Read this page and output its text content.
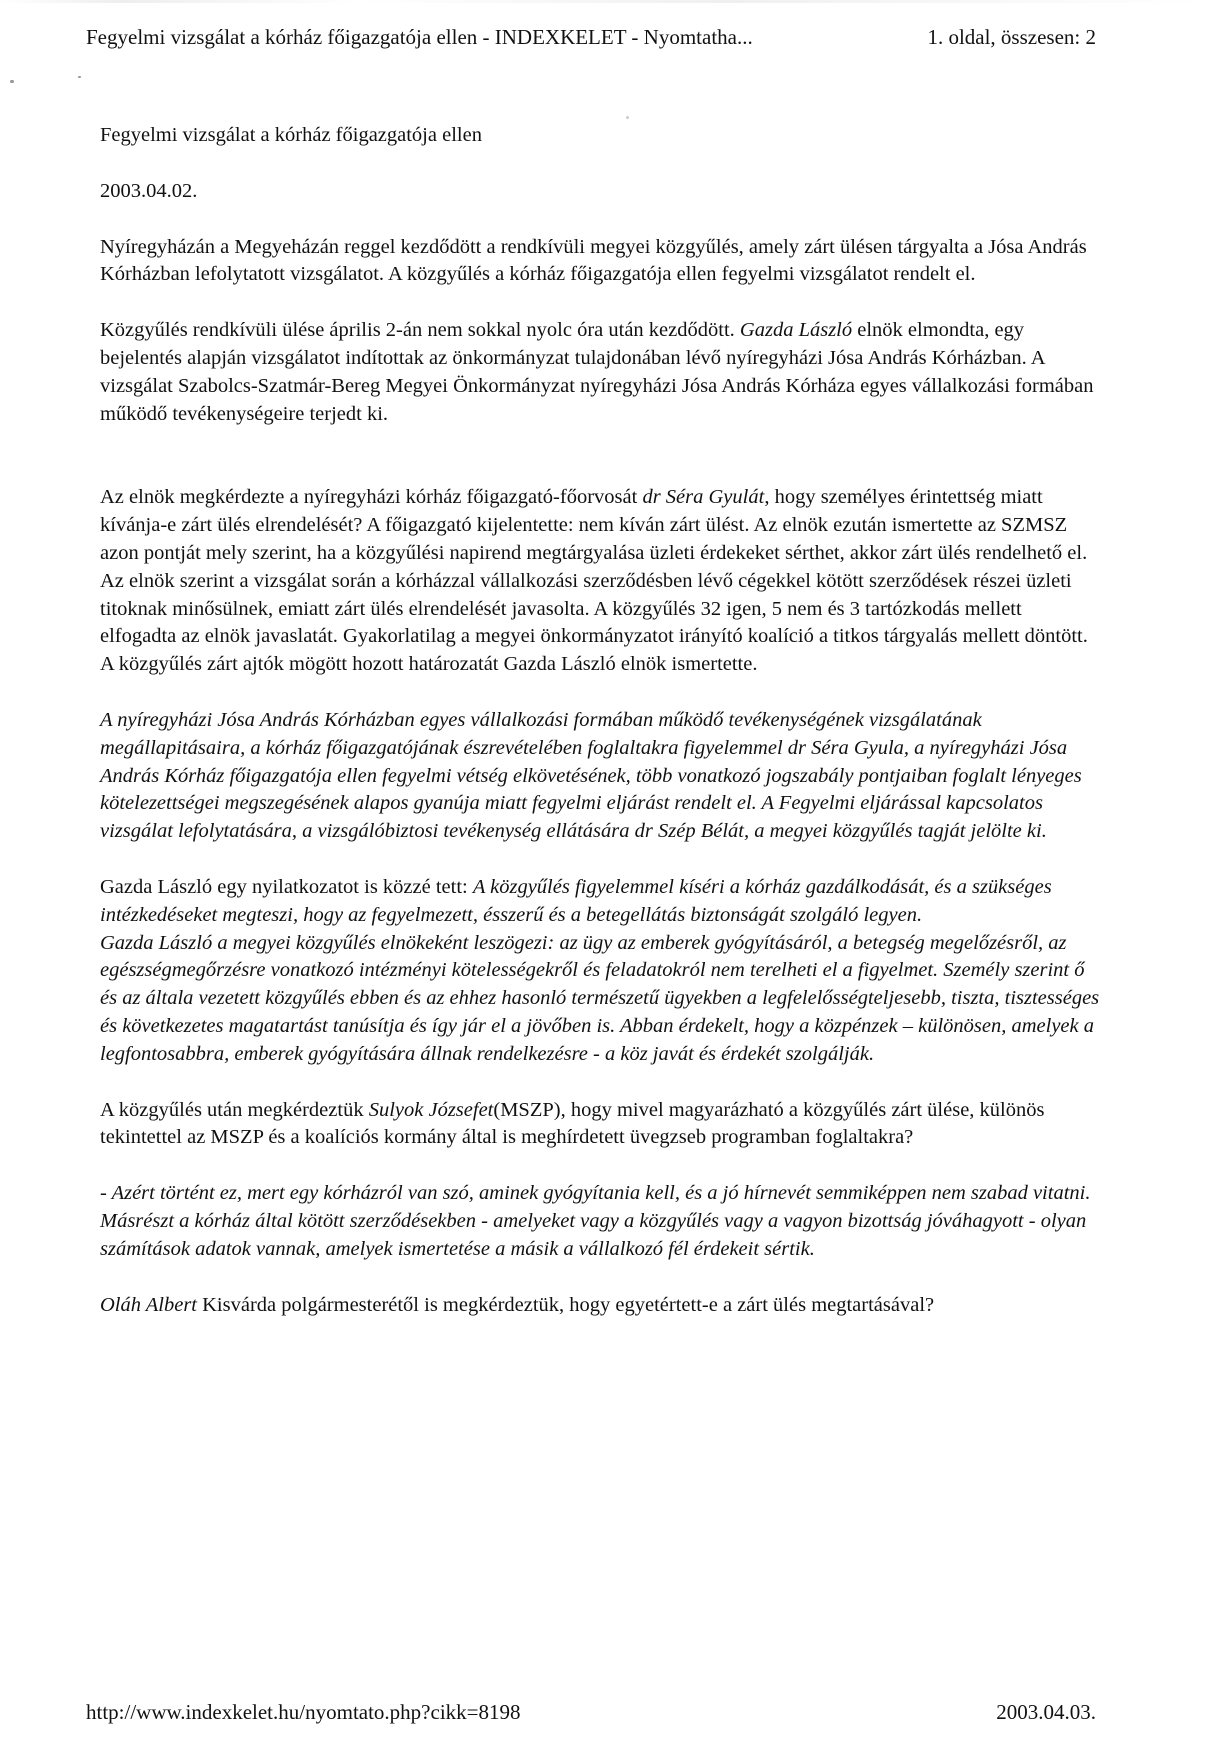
Fegyelmi vizsgálat a kórház főigazgatója ellen - INDEXKELET - Nyomtatha...	1. oldal, összesen: 2

Fegyelmi vizsgálat a kórház főigazgatója ellen

2003.04.02.

Nyíregyházán a Megyeházán reggel kezdődött a rendkívüli megyei közgyűlés, amely zárt ülésen tárgyalta a Jósa András Kórházban lefolytatott vizsgálatot. A közgyűlés a kórház főigazgatója ellen fegyelmi vizsgálatot rendelt el.

Közgyűlés rendkívüli ülése április 2-án nem sokkal nyolc óra után kezdődött. Gazda László elnök elmondta, egy bejelentés alapján vizsgálatot indítottak az önkormányzat tulajdonában lévő nyíregyházi Jósa András Kórházban. A vizsgálat Szabolcs-Szatmár-Bereg Megyei Önkormányzat nyíregyházi Jósa András Kórháza egyes vállalkozási formában működő tevékenységeire terjedt ki.

Az elnök megkérdezte a nyíregyházi kórház főigazgató-főorvosát dr Séra Gyulát, hogy személyes érintettség miatt kívánja-e zárt ülés elrendelését? A főigazgató kijelentette: nem kíván zárt ülést. Az elnök ezután ismertette az SZMSZ azon pontját mely szerint, ha a közgyűlési napirend megtárgyalása üzleti érdekeket sérthet, akkor zárt ülés rendelhető el. Az elnök szerint a vizsgálat során a kórházzal vállalkozási szerződésben lévő cégekkel kötött szerződések részei üzleti titoknak minősülnek, emiatt zárt ülés elrendelését javasolta. A közgyűlés 32 igen, 5 nem és 3 tartózkodás mellett elfogadta az elnök javaslatát. Gyakorlatilag a megyei önkormányzatot irányító koalíció a titkos tárgyalás mellett döntött. A közgyűlés zárt ajtók mögött hozott határozatát Gazda László elnök ismertette.

A nyíregyházi Jósa András Kórházban egyes vállalkozási formában működő tevékenységének vizsgálatának megállapitásaira, a kórház főigazgatójának észrevételében foglaltakra figyelemmel dr Séra Gyula, a nyíregyházi Jósa András Kórház főigazgatója ellen fegyelmi vétség elkövetésének, több vonatkozó jogszabály pontjaiban foglalt lényeges kötelezettségei megszegésének alapos gyanúja miatt fegyelmi eljárást rendelt el. A Fegyelmi eljárással kapcsolatos vizsgálat lefolytatására, a vizsgálóbiztosi tevékenység ellátására dr Szép Bélát, a megyei közgyűlés tagját jelölte ki.

Gazda László egy nyilatkozatot is közzé tett: A közgyűlés figyelemmel kíséri a kórház gazdálkodását, és a szükséges intézkedéseket megteszi, hogy az fegyelmezett, ésszerű és a betegellátás biztonságát szolgáló legyen.

Gazda László a megyei közgyűlés elnökeként leszögezi: az ügy az emberek gyógyításáról, a betegség megelőzésről, az egészségmegőrzésre vonatkozó intézményi kötelességekről és feladatokról nem terelheti el a figyelmet. Személy szerint ő és az általa vezetett közgyűlés ebben és az ehhez hasonló természetű ügyekben a legfelelősségteljesebb, tiszta, tisztességes és következetes magatartást tanúsítja és így jár el a jövőben is. Abban érdekelt, hogy a közpénzek – különösen, amelyek a legfontosabbra, emberek gyógyítására állnak rendelkezésre - a köz javát és érdekét szolgálják.

A közgyűlés után megkérdeztük Sulyok Józsefet(MSZP), hogy mivel magyarázható a közgyűlés zárt ülése, különös tekintettel az MSZP és a koalíciós kormány által is meghírdetett üvegzseb programban foglaltakra?

- Azért történt ez, mert egy kórházról van szó, aminek gyógyítania kell, és a jó hírnevét semmiképpen nem szabad vitatni. Másrészt a kórház által kötött szerződésekben - amelyeket vagy a közgyűlés vagy a vagyon bizottság jóváhagyott - olyan számítások adatok vannak, amelyek ismertetése a másik a vállalkozó fél érdekeit sértik.

Oláh Albert Kisvárda polgármesterétől is megkérdeztük, hogy egyetértett-e a zárt ülés megtartásával?

http://www.indexkelet.hu/nyomtato.php?cikk=8198	2003.04.03.
